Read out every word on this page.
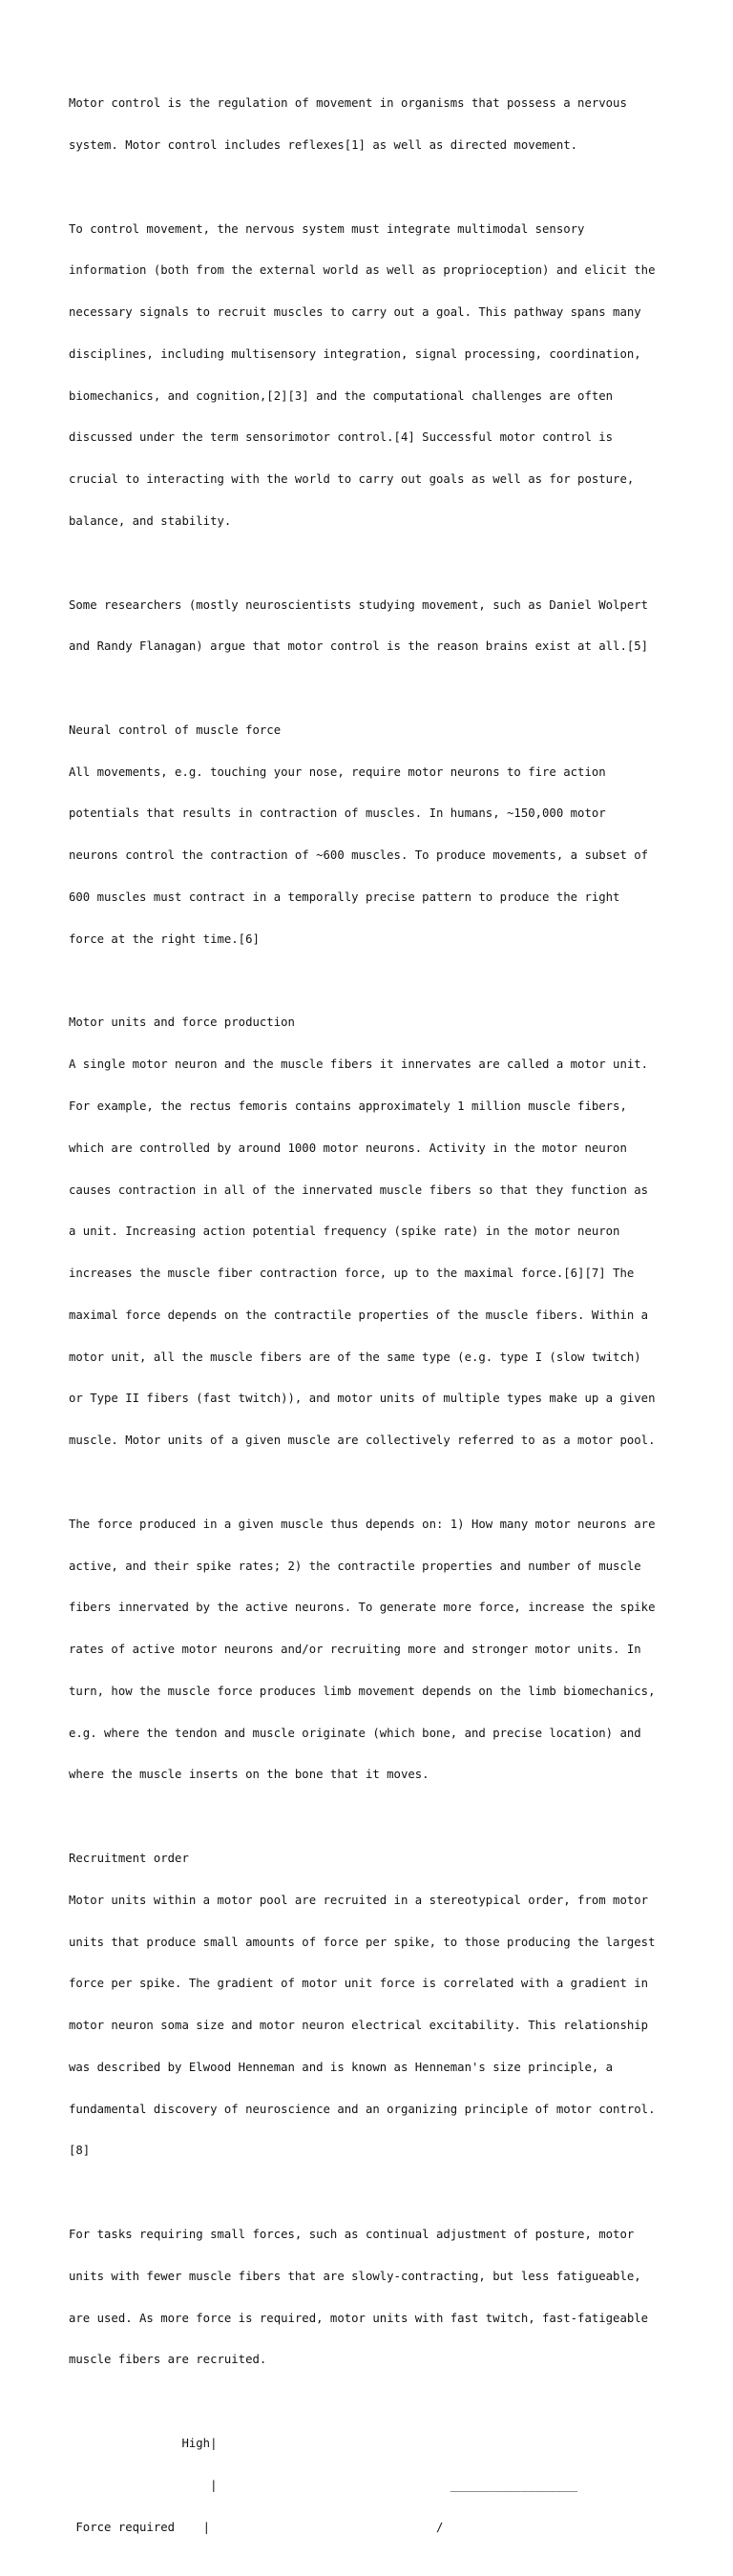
Motor control is the regulation of movement in organisms that possess a nervous

system. Motor control includes reflexes[1] as well as directed movement.

To control movement, the nervous system must integrate multimodal sensory

information (both from the external world as well as proprioception) and elicit the

necessary signals to recruit muscles to carry out a goal. This pathway spans many

disciplines, including multisensory integration, signal processing, coordination,

biomechanics, and cognition,[2][3] and the computational challenges are often

discussed under the term sensorimotor control.[4] Successful motor control is

crucial to interacting with the world to carry out goals as well as for posture,

balance, and stability.

Some researchers (mostly neuroscientists studying movement, such as Daniel Wolpert

and Randy Flanagan) argue that motor control is the reason brains exist at all.[5]

Neural control of muscle force

All movements, e.g. touching your nose, require motor neurons to fire action

potentials that results in contraction of muscles. In humans, ~150,000 motor

neurons control the contraction of ~600 muscles. To produce movements, a subset of

600 muscles must contract in a temporally precise pattern to produce the right

force at the right time.[6]

Motor units and force production

A single motor neuron and the muscle fibers it innervates are called a motor unit.

For example, the rectus femoris contains approximately 1 million muscle fibers,

which are controlled by around 1000 motor neurons. Activity in the motor neuron

causes contraction in all of the innervated muscle fibers so that they function as

a unit. Increasing action potential frequency (spike rate) in the motor neuron

increases the muscle fiber contraction force, up to the maximal force.[6][7] The

maximal force depends on the contractile properties of the muscle fibers. Within a

motor unit, all the muscle fibers are of the same type (e.g. type I (slow twitch)

or Type II fibers (fast twitch)), and motor units of multiple types make up a given

muscle. Motor units of a given muscle are collectively referred to as a motor pool.

The force produced in a given muscle thus depends on: 1) How many motor neurons are

active, and their spike rates; 2) the contractile properties and number of muscle

fibers innervated by the active neurons. To generate more force, increase the spike

rates of active motor neurons and/or recruiting more and stronger motor units. In

turn, how the muscle force produces limb movement depends on the limb biomechanics,

e.g. where the tendon and muscle originate (which bone, and precise location) and

where the muscle inserts on the bone that it moves.

Recruitment order

Motor units within a motor pool are recruited in a stereotypical order, from motor

units that produce small amounts of force per spike, to those producing the largest

force per spike. The gradient of motor unit force is correlated with a gradient in

motor neuron soma size and motor neuron electrical excitability. This relationship

was described by Elwood Henneman and is known as Henneman's size principle, a

fundamental discovery of neuroscience and an organizing principle of motor control.

[8]

For tasks requiring small forces, such as continual adjustment of posture, motor

units with fewer muscle fibers that are slowly-contracting, but less fatigueable,

are used. As more force is required, motor units with fast twitch, fast-fatigeable

muscle fibers are recruited.

High|

|                                 __________________

Force required    |                                /
